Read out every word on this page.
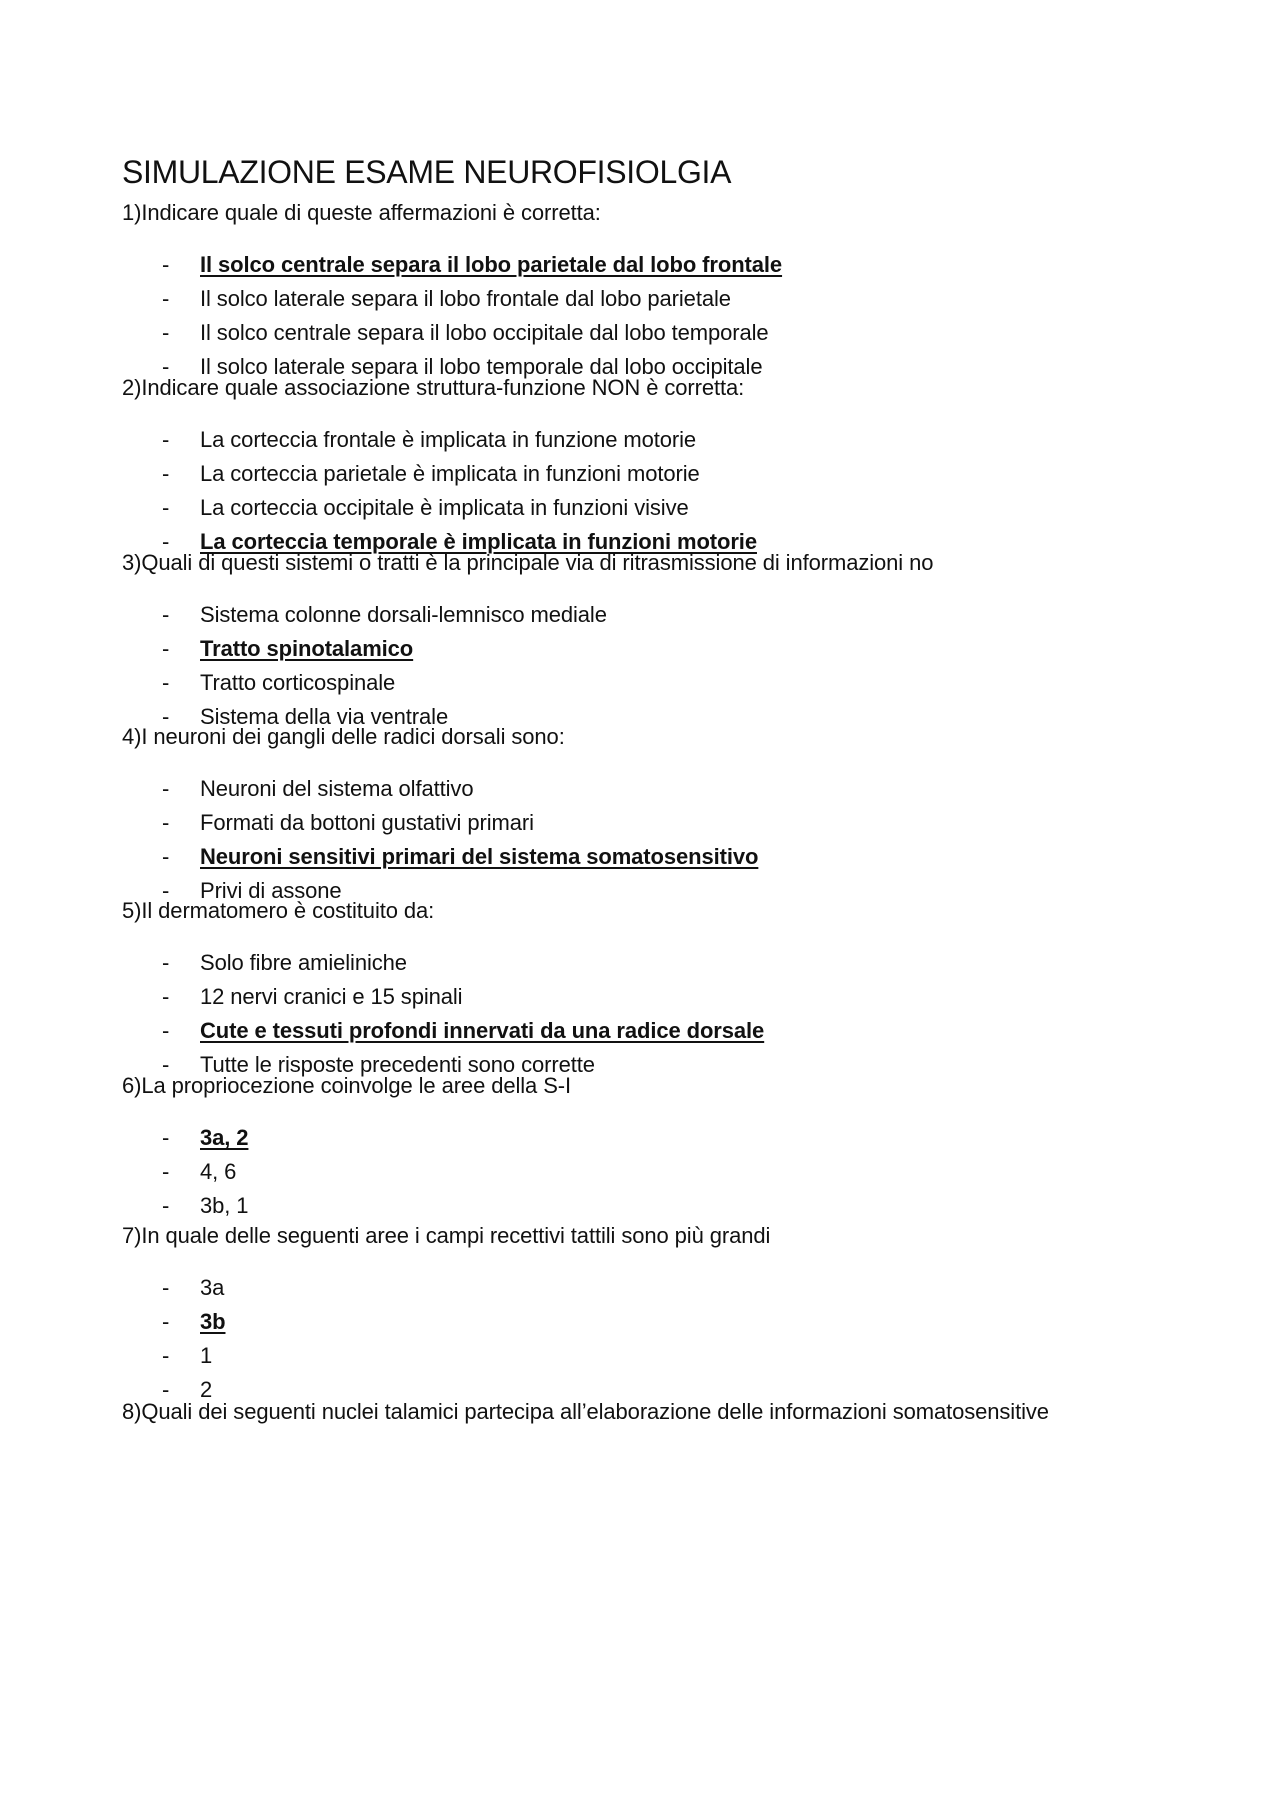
SIMULAZIONE ESAME NEUROFISIOLGIA
1)Indicare quale di queste affermazioni è corretta:
- Il solco centrale separa il lobo parietale dal lobo frontale
- Il solco laterale separa il lobo frontale dal lobo parietale
- Il solco centrale separa il lobo occipitale dal lobo temporale
- Il solco laterale separa il lobo temporale dal lobo occipitale
2)Indicare quale associazione struttura-funzione NON è corretta:
- La corteccia frontale è implicata in funzione motorie
- La corteccia parietale è implicata in funzioni motorie
- La corteccia occipitale è implicata in funzioni visive
- La corteccia temporale è implicata in funzioni motorie
3)Quali di questi sistemi o tratti è la principale via di ritrasmissione di informazioni no
- Sistema colonne dorsali-lemnisco mediale
- Tratto spinotalamico
- Tratto corticospinale
- Sistema della via ventrale
4)I neuroni dei gangli delle radici dorsali sono:
- Neuroni del sistema olfattivo
- Formati da bottoni gustativi primari
- Neuroni sensitivi primari del sistema somatosensitivo
- Privi di assone
5)Il dermatomero è costituito da:
- Solo fibre amieliniche
- 12 nervi cranici e 15 spinali
- Cute e tessuti profondi innervati da una radice dorsale
- Tutte le risposte precedenti sono corrette
6)La propriocezione coinvolge le aree della S-I
- 3a, 2
- 4, 6
- 3b, 1
7)In quale delle seguenti aree i campi recettivi tattili sono più grandi
- 3a
- 3b
- 1
- 2
8)Quali dei seguenti nuclei talamici partecipa all’elaborazione delle informazioni somatosensitive
